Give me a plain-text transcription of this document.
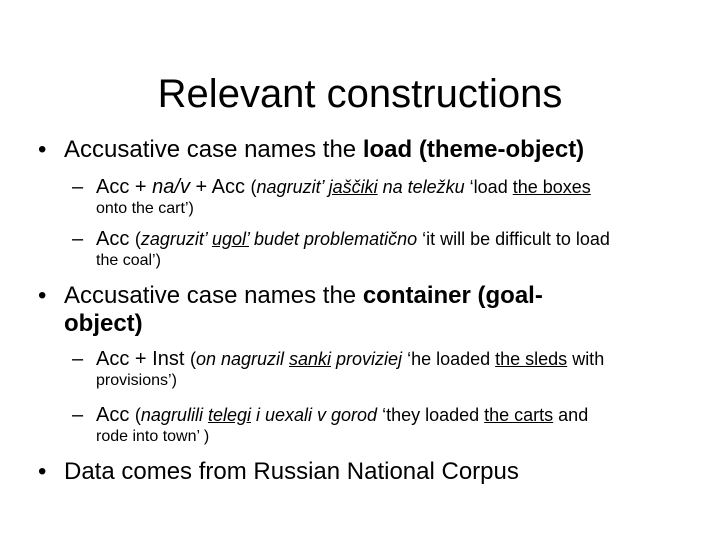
Relevant constructions
• Accusative case names the load (theme-object)
– Acc + na/v + Acc (nagruzit’ jaščiki na teležku ‘load the boxes
onto the cart’)
– Acc (zagruzit’ ugol’ budet problematično ‘it will be difficult to load
the coal’)
• Accusative case names the container (goal-
object)
– Acc + Inst (on nagruzil sanki proviziej ‘he loaded the sleds with
provisions’)
– Acc (nagrulili telegi i uexali v gorod ‘they loaded the carts and
rode into town’ )
• Data comes from Russian National Corpus
